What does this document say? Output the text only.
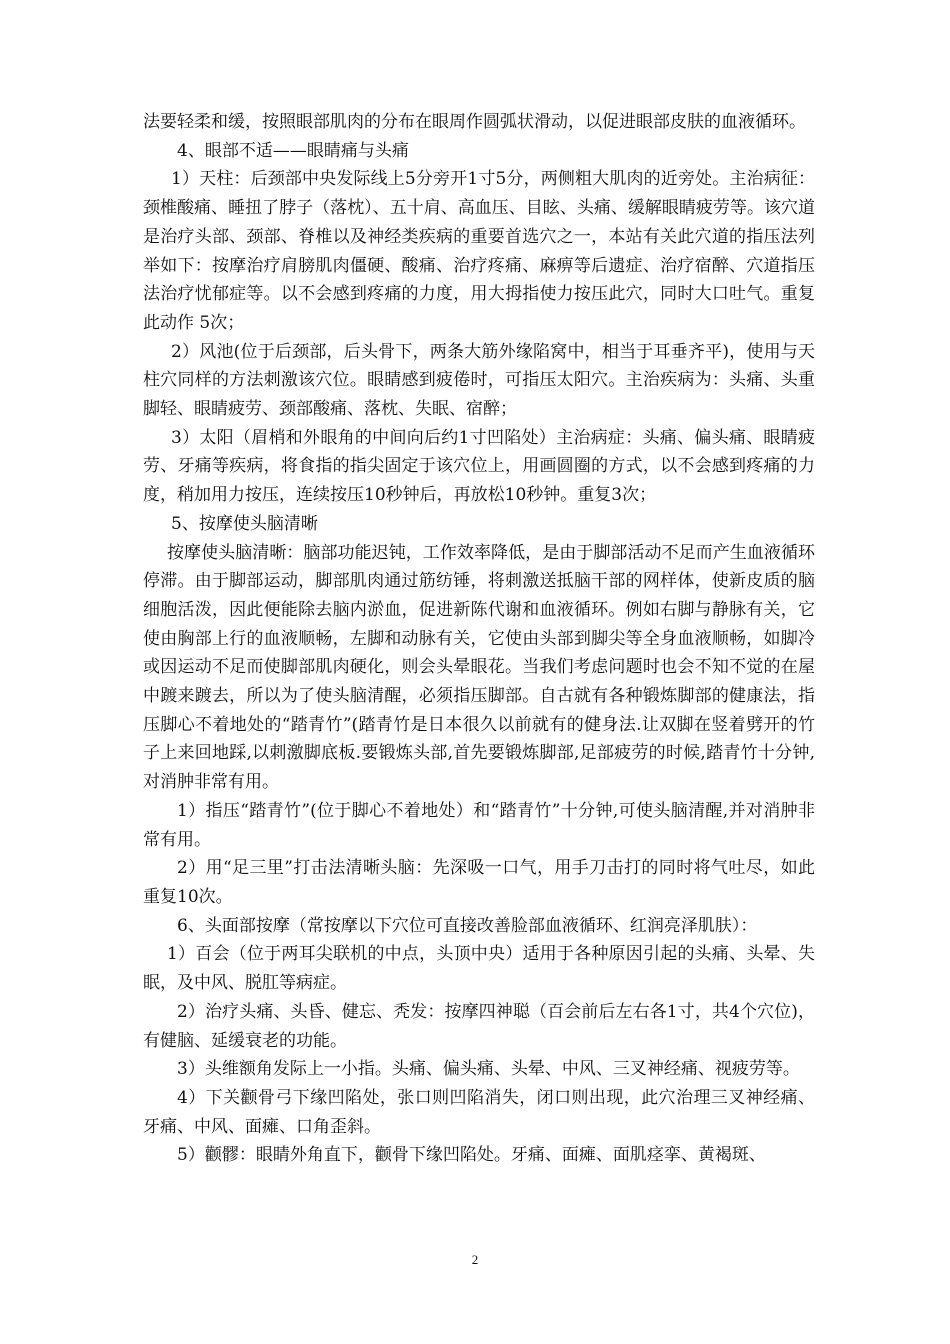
法要轻柔和缓，按照眼部肌肉的分布在眼周作圆弧状滑动，以促进眼部皮肤的血液循环。

4、眼部不适——眼睛痛与头痛

1）天柱：后颈部中央发际线上5分旁开1寸5分，两侧粗大肌肉的近旁处。主治病征：颈椎酸痛、睡扭了脖子（落枕）、五十肩、高血压、目眩、头痛、缓解眼睛疲劳等。该穴道是治疗头部、颈部、脊椎以及神经类疾病的重要首选穴之一，本站有关此穴道的指压法列举如下：按摩治疗肩膀肌肉僵硬、酸痛、治疗疼痛、麻痹等后遗症、治疗宿醉、穴道指压法治疗忧郁症等。以不会感到疼痛的力度，用大拇指使力按压此穴，同时大口吐气。重复此动作 5次；

2）风池(位于后颈部，后头骨下，两条大筋外缘陷窝中，相当于耳垂齐平)，使用与天柱穴同样的方法刺激该穴位。眼睛感到疲倦时，可指压太阳穴。主治疾病为：头痛、头重脚轻、眼睛疲劳、颈部酸痛、落枕、失眠、宿醉；

3）太阳（眉梢和外眼角的中间向后约1寸凹陷处）主治病症：头痛、偏头痛、眼睛疲劳、牙痛等疾病，将食指的指尖固定于该穴位上，用画圆圈的方式，以不会感到疼痛的力度，稍加用力按压，连续按压10秒钟后，再放松10秒钟。重复3次；

5、按摩使头脑清晰

按摩使头脑清晰：脑部功能迟钝，工作效率降低，是由于脚部活动不足而产生血液循环停滞。由于脚部运动，脚部肌肉通过筋纺锤，将刺激送抵脑干部的网样体，使新皮质的脑细胞活泼，因此便能除去脑内淤血，促进新陈代谢和血液循环。例如右脚与静脉有关，它使由胸部上行的血液顺畅，左脚和动脉有关，它使由头部到脚尖等全身血液顺畅，如脚冷或因运动不足而使脚部肌肉硬化，则会头晕眼花。当我们考虑问题时也会不知不觉的在屋中踱来踱去，所以为了使头脑清醒，必须指压脚部。自古就有各种锻炼脚部的健康法，指压脚心不着地处的“踏青竹”(踏青竹是日本很久以前就有的健身法.让双脚在竖着劈开的竹子上来回地踩,以刺激脚底板.要锻炼头部,首先要锻炼脚部,足部疲劳的时候,踏青竹十分钟,对消肿非常有用。

1）指压“踏青竹”(位于脚心不着地处）和“踏青竹”十分钟,可使头脑清醒,并对消肿非常有用。

2）用“足三里”打击法清晰头脑：先深吸一口气，用手刀击打的同时将气吐尽，如此重复10次。

6、头面部按摩（常按摩以下穴位可直接改善脸部血液循环、红润亮泽肌肤）：

1）百会（位于两耳尖联机的中点，头顶中央）适用于各种原因引起的头痛、头晕、失眠，及中风、脱肛等病症。

2）治疗头痛、头昏、健忘、秃发：按摩四神聪（百会前后左右各1寸，共4个穴位)，有健脑、延缓衰老的功能。

3）头维额角发际上一小指。头痛、偏头痛、头晕、中风、三叉神经痛、视疲劳等。

4）下关颧骨弓下缘凹陷处，张口则凹陷消失，闭口则出现，此穴治理三叉神经痛、牙痛、中风、面瘫、口角歪斜。

5）颧髎：眼睛外角直下，颧骨下缘凹陷处。牙痛、面瘫、面肌痉挛、黄褐斑、

2
